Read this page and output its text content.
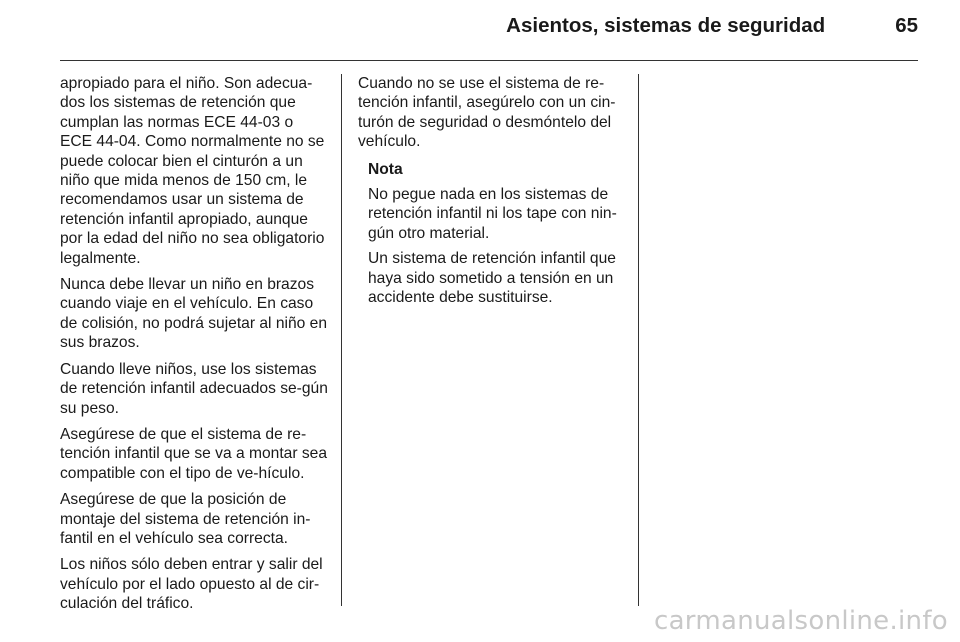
Asientos, sistemas de seguridad	65

apropiado para el niño. Son adecua-dos los sistemas de retención que cumplan las normas ECE 44-03 o ECE 44-04. Como normalmente no se puede colocar bien el cinturón a un niño que mida menos de 150 cm, le recomendamos usar un sistema de retención infantil apropiado, aunque por la edad del niño no sea obligatorio legalmente.

Nunca debe llevar un niño en brazos cuando viaje en el vehículo. En caso de colisión, no podrá sujetar al niño en sus brazos.

Cuando lleve niños, use los sistemas de retención infantil adecuados se-gún su peso.

Asegúrese de que el sistema de re-tención infantil que se va a montar sea compatible con el tipo de ve-hículo.

Asegúrese de que la posición de montaje del sistema de retención in-fantil en el vehículo sea correcta.

Los niños sólo deben entrar y salir del vehículo por el lado opuesto al de cir-culación del tráfico.

Cuando no se use el sistema de re-tención infantil, asegúrelo con un cin-turón de seguridad o desmóntelo del vehículo.

Nota

No pegue nada en los sistemas de retención infantil ni los tape con nin-gún otro material.

Un sistema de retención infantil que haya sido sometido a tensión en un accidente debe sustituirse.

carmanualsonline.info
